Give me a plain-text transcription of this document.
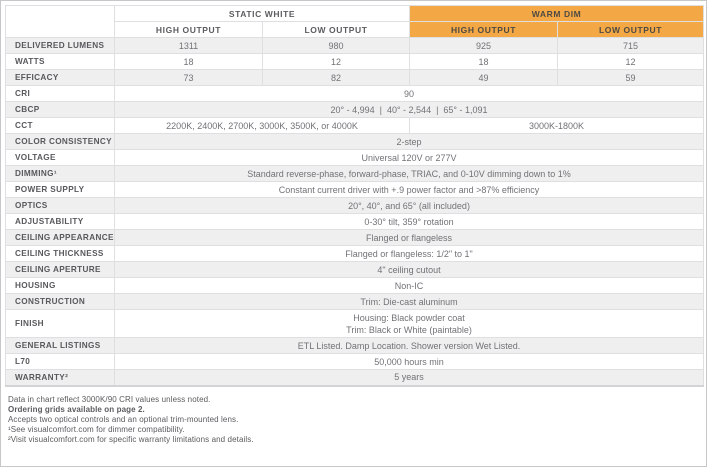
	STATIC WHITE		WARM DIM	
	HIGH OUTPUT	LOW OUTPUT	HIGH OUTPUT	LOW OUTPUT
DELIVERED LUMENS	1311	980	925	715
WATTS	18	12	18	12
EFFICACY	73	82	49	59
CRI	90			
CBCP	20° - 4,994  |  40° - 2,544  |  65° - 1,091			
CCT	2200K, 2400K, 2700K, 3000K, 3500K, or 4000K		3000K-1800K	
COLOR CONSISTENCY	2-step			
VOLTAGE	Universal 120V or 277V			
DIMMING¹	Standard reverse-phase, forward-phase, TRIAC, and 0-10V dimming down to 1%			
POWER SUPPLY	Constant current driver with +.9 power factor and >87% efficiency			
OPTICS	20°, 40°, and 65° (all included)			
ADJUSTABILITY	0-30° tilt, 359° rotation			
CEILING APPEARANCE	Flanged or flangeless			
CEILING THICKNESS	Flanged or flangeless: 1/2" to 1"			
CEILING APERTURE	4" ceiling cutout			
HOUSING	Non-IC			
CONSTRUCTION	Trim: Die-cast aluminum			
FINISH	Housing: Black powder coat
Trim: Black or White (paintable)			

GENERAL LISTINGS	ETL Listed. Damp Location. Shower version Wet Listed.			
L70	50,000 hours min			
WARRANTY²	5 years			
Data in chart reflect 3000K/90 CRI values unless noted.
Ordering grids available on page 2.
Accepts two optical controls and an optional trim-mounted lens.
¹See visualcomfort.com for dimmer compatibility.
²Visit visualcomfort.com for specific warranty limitations and details.
